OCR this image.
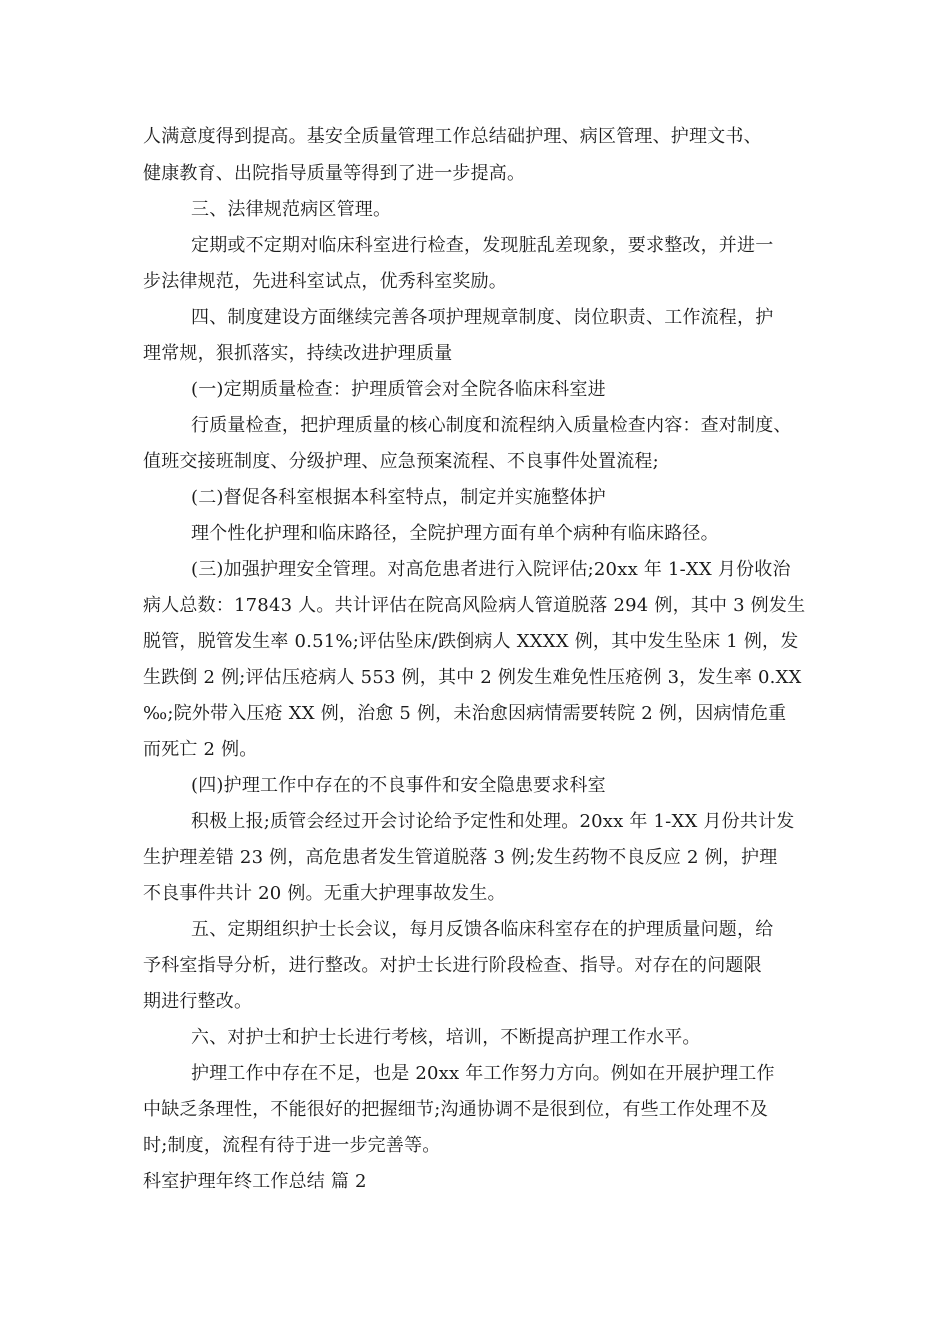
人满意度得到提高。基安全质量管理工作总结础护理、病区管理、护理文书、
健康教育、出院指导质量等得到了进一步提高。
三、法律规范病区管理。
定期或不定期对临床科室进行检查，发现脏乱差现象，要求整改，并进一
步法律规范，先进科室试点，优秀科室奖励。
四、制度建设方面继续完善各项护理规章制度、岗位职责、工作流程，护
理常规，狠抓落实，持续改进护理质量
(一)定期质量检查：护理质管会对全院各临床科室进
行质量检查，把护理质量的核心制度和流程纳入质量检查内容：查对制度、
值班交接班制度、分级护理、应急预案流程、不良事件处置流程;
(二)督促各科室根据本科室特点，制定并实施整体护
理个性化护理和临床路径，全院护理方面有单个病种有临床路径。
(三)加强护理安全管理。对高危患者进行入院评估;20xx 年 1-XX 月份收治
病人总数：17843 人。共计评估在院高风险病人管道脱落 294 例，其中 3 例发生
脱管，脱管发生率 0.51%;评估坠床/跌倒病人 XXXX 例，其中发生坠床 1 例，发
生跌倒 2 例;评估压疮病人 553 例，其中 2 例发生难免性压疮例 3，发生率 0.XX
‰;院外带入压疮 XX 例，治愈 5 例，未治愈因病情需要转院 2 例，因病情危重
而死亡 2 例。
(四)护理工作中存在的不良事件和安全隐患要求科室
积极上报;质管会经过开会讨论给予定性和处理。20xx 年 1-XX 月份共计发
生护理差错 23 例，高危患者发生管道脱落 3 例;发生药物不良反应 2 例，护理
不良事件共计 20 例。无重大护理事故发生。
五、定期组织护士长会议，每月反馈各临床科室存在的护理质量问题，给
予科室指导分析，进行整改。对护士长进行阶段检查、指导。对存在的问题限
期进行整改。
六、对护士和护士长进行考核，培训，不断提高护理工作水平。
护理工作中存在不足，也是 20xx 年工作努力方向。例如在开展护理工作
中缺乏条理性，不能很好的把握细节;沟通协调不是很到位，有些工作处理不及
时;制度，流程有待于进一步完善等。
科室护理年终工作总结 篇 2
